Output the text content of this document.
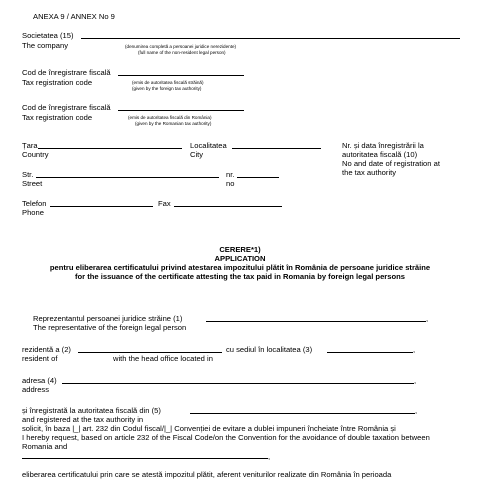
ANEXA 9 / ANNEX No 9
Societatea (15)
The company	(denumirea completă a persoanei juridice nerezidente)
(full name of the non-resident legal person)
Cod de înregistrare fiscală
Tax registration code	(emis de autoritatea fiscală străină)
(given by the foreign tax authority)
Cod de înregistrare fiscală
Tax registration code	(emis de autoritatea fiscală din România)
(given by the Romanian tax authority)
Țara
Country
Localitatea
City
Nr. și data înregistrării la
autoritatea fiscală (10)
No and date of registration at
the tax authority
Str.
Street
nr.
no
Telefon
Phone
Fax
CERERE*1)
APPLICATION
pentru eliberarea certificatului privind atestarea impozitului plătit în România de persoane juridice străine
for the issuance of the certificate attesting the tax paid in Romania by foreign legal persons
Reprezentantul persoanei juridice străine (1)	,
The representative of the foreign legal person
rezidentă a (2)	cu sediul în localitatea (3)	,
resident of	with the head office located in
adresa (4)	,
address
și înregistrată la autoritatea fiscală din (5)	,
and registered at the tax authority in
solicit, în baza |_| art. 232 din Codul fiscal/|_| Convenției de evitare a dublei impuneri încheiate între România și
I hereby request, based on article 232 of the Fiscal Code/on the Convention for the avoidance of double taxation between
Romania and
,
eliberarea certificatului prin care se atestă impozitul plătit, aferent veniturilor realizate din România în perioada
